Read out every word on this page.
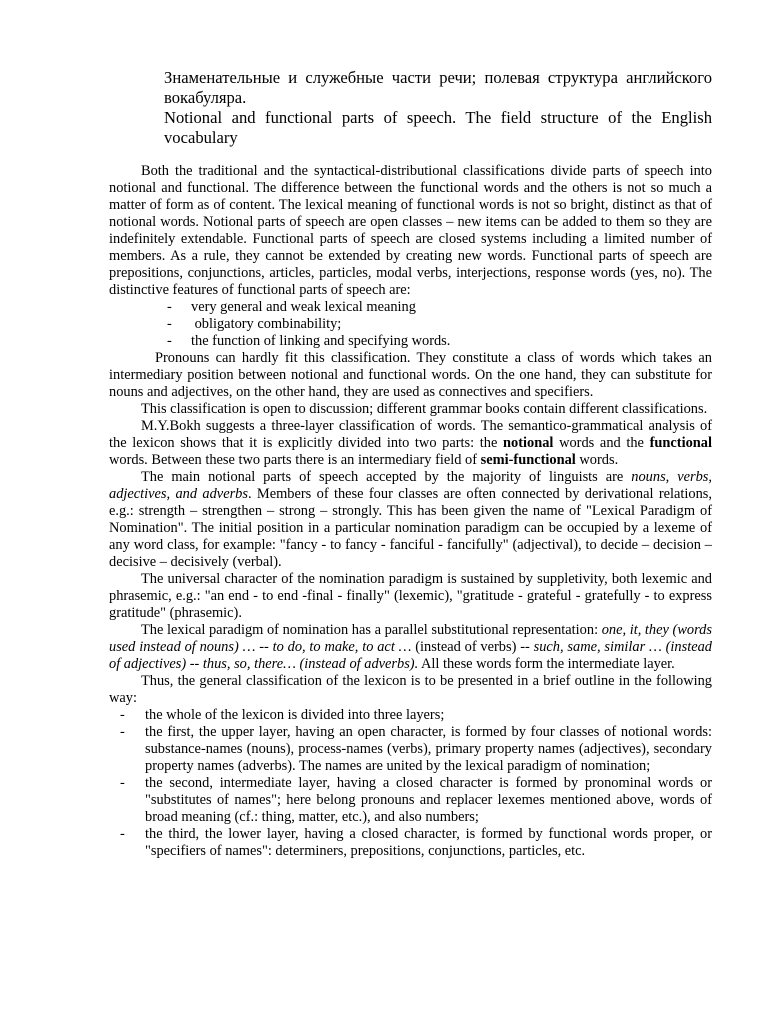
Знаменательные и служебные части речи; полевая структура английского вокабуляра.

Notional and functional parts of speech. The field structure of the English vocabulary

Both the traditional and the syntactical-distributional classifications divide parts of speech into notional and functional. The difference between the functional words and the others is not so much a matter of form as of content. The lexical meaning of functional words is not so bright, distinct as that of notional words. Notional parts of speech are open classes – new items can be added to them so they are indefinitely extendable. Functional parts of speech are closed systems including a limited number of members. As a rule, they cannot be extended by creating new words. Functional parts of speech are prepositions, conjunctions, articles, particles, modal verbs, interjections, response words (yes, no). The distinctive features of functional parts of speech are:

- very general and weak lexical meaning
- obligatory combinability;
- the function of linking and specifying words.

Pronouns can hardly fit this classification. They constitute a class of words which takes an intermediary position between notional and functional words. On the one hand, they can substitute for nouns and adjectives, on the other hand, they are used as connectives and specifiers.

This classification is open to discussion; different grammar books contain different classifications.

M.Y.Bokh suggests a three-layer classification of words. The semantico-grammatical analysis of the lexicon shows that it is explicitly divided into two parts: the notional words and the functional words. Between these two parts there is an intermediary field of semi-functional words.

The main notional parts of speech accepted by the majority of linguists are nouns, verbs, adjectives, and adverbs. Members of these four classes are often connected by derivational relations, e.g.: strength – strengthen – strong – strongly. This has been given the name of "Lexical Paradigm of Nomination". The initial position in a particular nomination paradigm can be occupied by a lexeme of any word class, for example: "fancy - to fancy - fanciful - fancifully" (adjectival), to decide – decision – decisive – decisively (verbal).

The universal character of the nomination paradigm is sustained by suppletivity, both lexemic and phrasemic, e.g.: "an end - to end -final - finally" (lexemic), "gratitude - grateful - gratefully - to express gratitude" (phrasemic).

The lexical paradigm of nomination has a parallel substitutional representation: one, it, they (words used instead of nouns) … -- to do, to make, to act … (instead of verbs) -- such, same, similar … (instead of adjectives) -- thus, so, there… (instead of adverbs). All these words form the intermediate layer.

Thus, the general classification of the lexicon is to be presented in a brief outline in the following way:

- the whole of the lexicon is divided into three layers;
- the first, the upper layer, having an open character, is formed by four classes of notional words: substance-names (nouns), process-names (verbs), primary property names (adjectives), secondary property names (adverbs). The names are united by the lexical paradigm of nomination;
- the second, intermediate layer, having a closed character is formed by pronominal words or "substitutes of names"; here belong pronouns and replacer lexemes mentioned above, words of broad meaning (cf.: thing, matter, etc.), and also numbers;
- the third, the lower layer, having a closed character, is formed by functional words proper, or "specifiers of names": determiners, prepositions, conjunctions, particles, etc.
